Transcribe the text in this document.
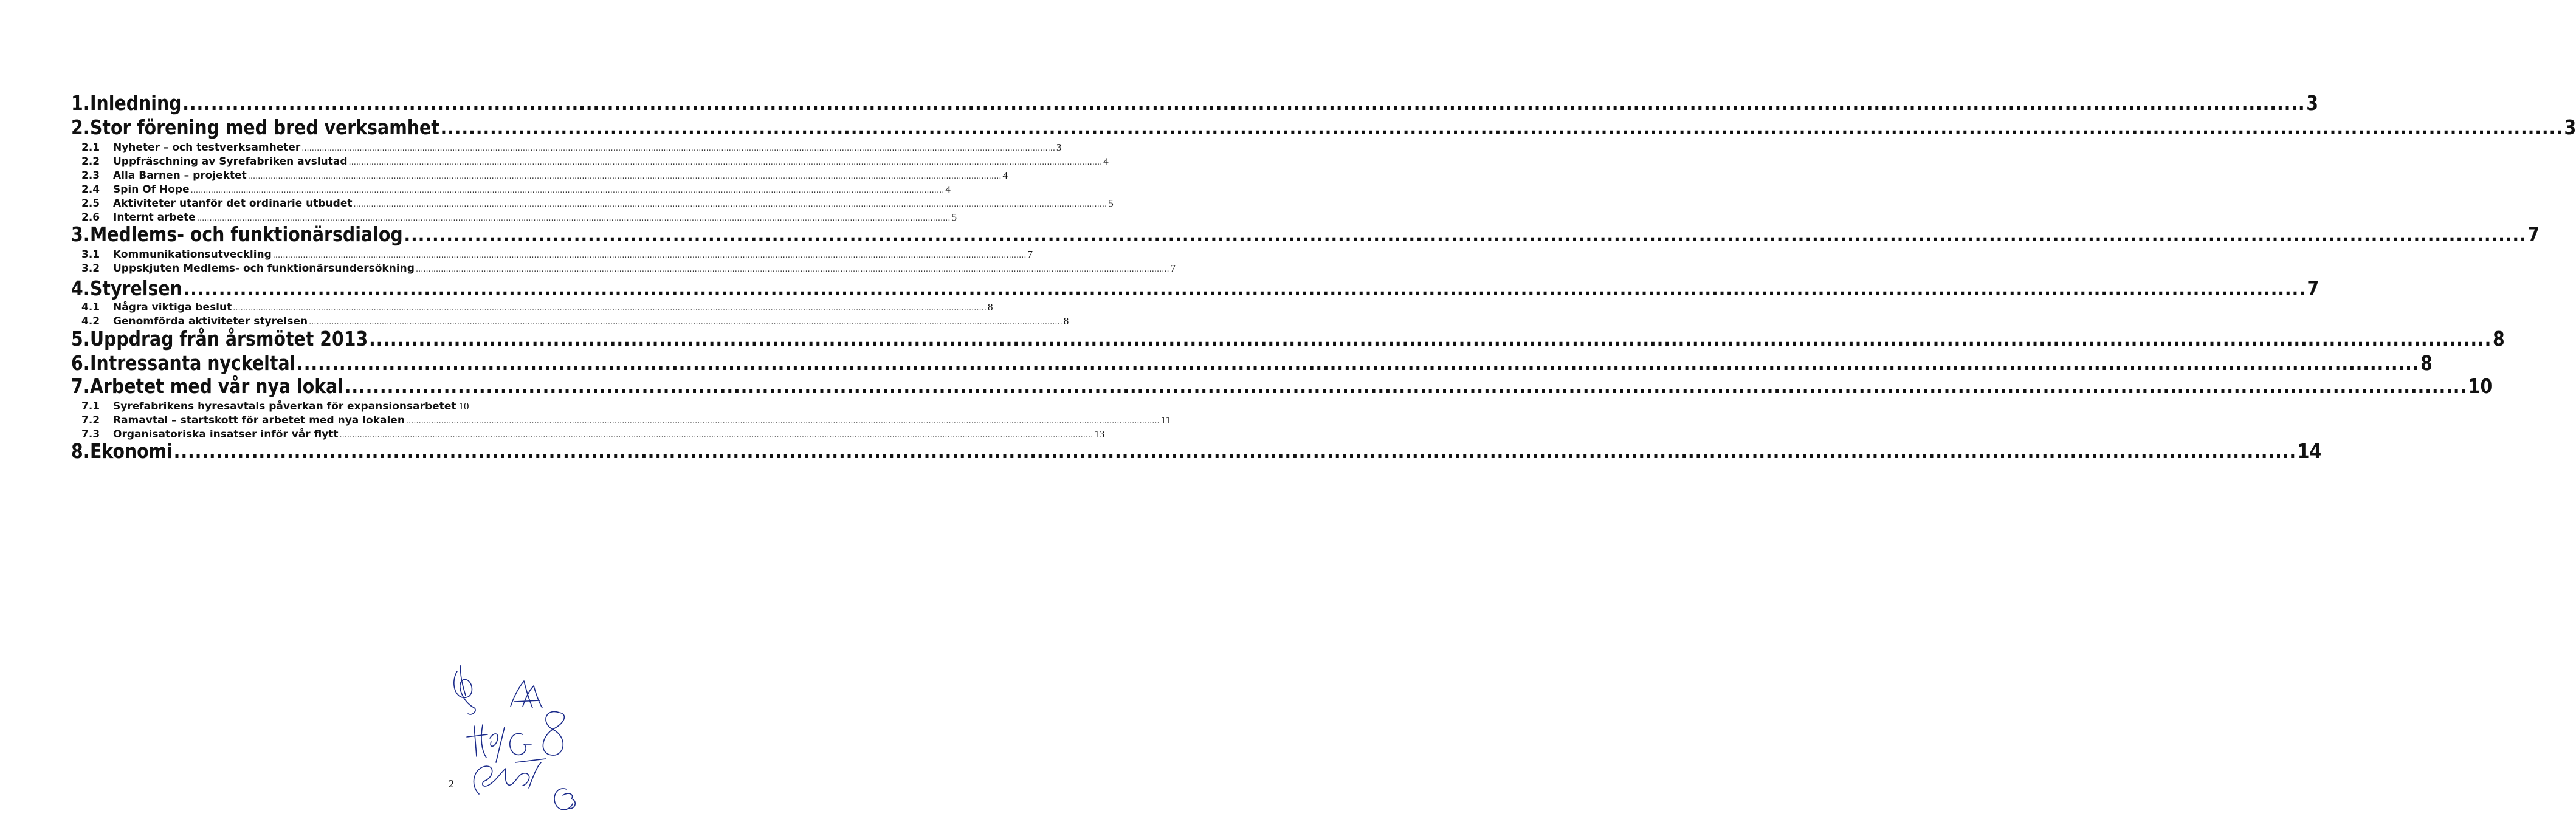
1. Inledning ............................................................................................................................................................................................................................................................................................................ 3
2. Stor förening med bred verksamhet ............................................................................................................................................................................................................................................................................................................ 3
2.1	Nyheter – och testverksamheter ............................................................................................................................................................................................................................................................................................................ 3
2.2	Uppfräschning av Syrefabriken avslutad ............................................................................................................................................................................................................................................................................................................ 4
2.3	Alla Barnen – projektet ............................................................................................................................................................................................................................................................................................................ 4
2.4	Spin Of Hope ............................................................................................................................................................................................................................................................................................................ 4
2.5	Aktiviteter utanför det ordinarie utbudet ............................................................................................................................................................................................................................................................................................................ 5
2.6	Internt arbete ............................................................................................................................................................................................................................................................................................................ 5
3. Medlems- och funktionärsdialog ............................................................................................................................................................................................................................................................................................................ 7
3.1	Kommunikationsutveckling ............................................................................................................................................................................................................................................................................................................ 7
3.2	Uppskjuten Medlems- och funktionärsundersökning ............................................................................................................................................................................................................................................................................................................ 7
4. Styrelsen ............................................................................................................................................................................................................................................................................................................ 7
4.1	Några viktiga beslut ............................................................................................................................................................................................................................................................................................................ 8
4.2	Genomförda aktiviteter styrelsen ............................................................................................................................................................................................................................................................................................................ 8
5. Uppdrag från årsmötet 2013 ............................................................................................................................................................................................................................................................................................................ 8
6. Intressanta nyckeltal ............................................................................................................................................................................................................................................................................................................ 8
7. Arbetet med vår nya lokal ............................................................................................................................................................................................................................................................................................................ 10
7.1	Syrefabrikens hyresavtals påverkan för expansionsarbetet 10
7.2	Ramavtal – startskott för arbetet med nya lokalen ............................................................................................................................................................................................................................................................................................................ 11
7.3	Organisatoriska insatser inför vår flytt ............................................................................................................................................................................................................................................................................................................ 13
8. Ekonomi ............................................................................................................................................................................................................................................................................................................ 14
2
